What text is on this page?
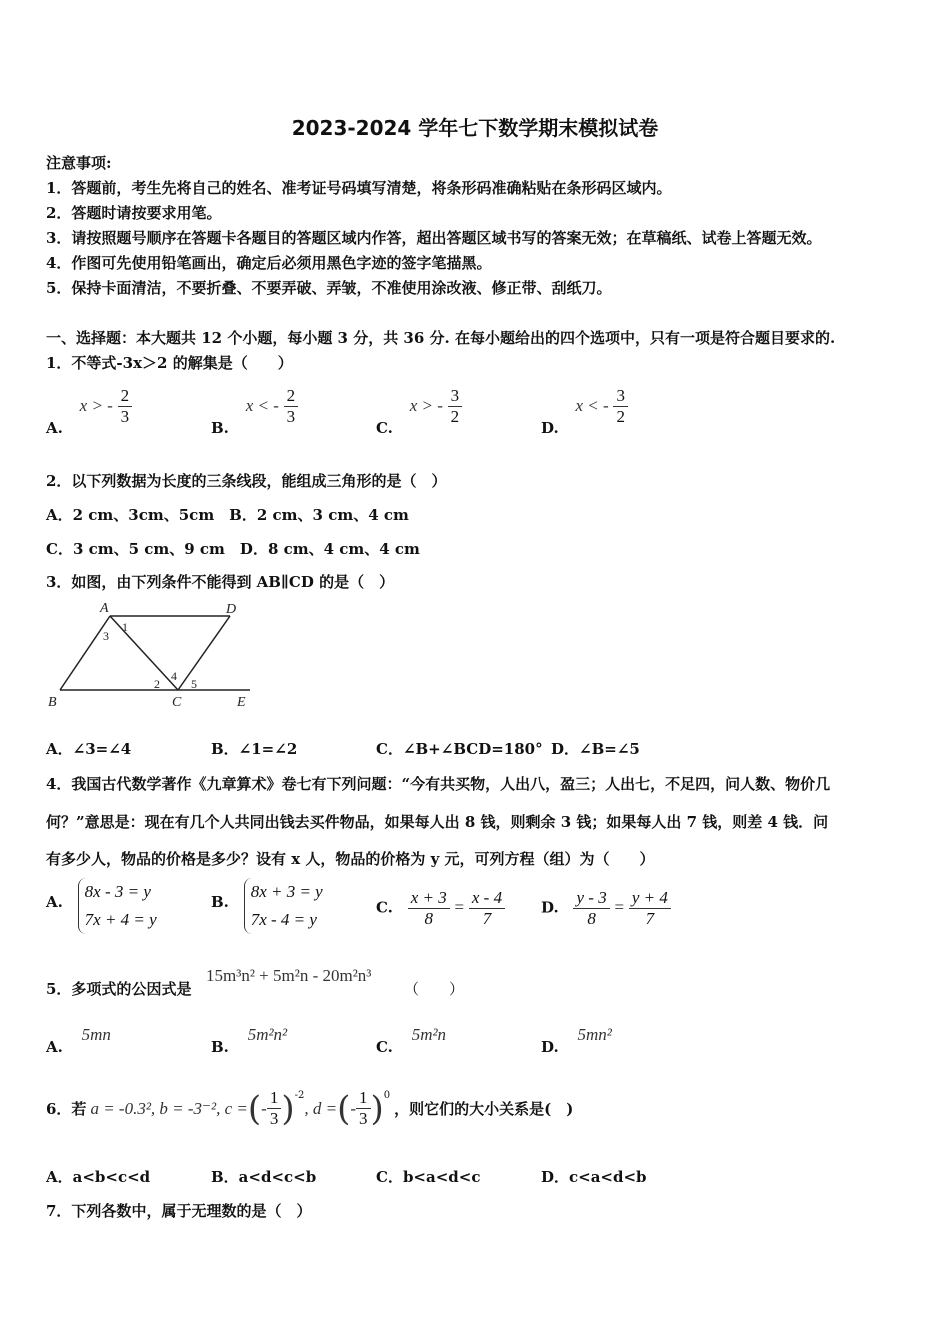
2023-2024 学年七下数学期末模拟试卷
注意事项:
1．答题前，考生先将自己的姓名、准考证号码填写清楚，将条形码准确粘贴在条形码区域内。
2．答题时请按要求用笔。
3．请按照题号顺序在答题卡各题目的答题区域内作答，超出答题区域书写的答案无效；在草稿纸、试卷上答题无效。
4．作图可先使用铅笔画出，确定后必须用黑色字迹的签字笔描黑。
5．保持卡面清洁，不要折叠、不要弄破、弄皱，不准使用涂改液、修正带、刮纸刀。
一、选择题：本大题共 12 个小题，每小题 3 分，共 36 分. 在每小题给出的四个选项中，只有一项是符合题目要求的.
1．不等式-3x＞2 的解集是（　　）
A. x > - $\frac{2}{3}$
B. x < - $\frac{2}{3}$
C. x > - $\frac{3}{2}$
D. x < - $\frac{3}{2}$
2．以下列数据为长度的三条线段，能组成三角形的是（　）
A．2 cm、3cm、5cm　B．2 cm、3 cm、4 cm
C．3 cm、5 cm、9 cm　D．8 cm、4 cm、4 cm
3．如图，由下列条件不能得到 AB∥CD 的是（　）
A	D
B	C	E
1
3
2
4
5
A．∠3=∠4	B．∠1=∠2	C．∠B+∠BCD=180° D．∠B=∠5
4．我国古代数学著作《九章算术》卷七有下列问题：“今有共买物，人出八，盈三；人出七，不足四，问人数、物价几
何？”意思是：现在有几个人共同出钱去买件物品，如果每人出 8 钱，则剩余 3 钱；如果每人出 7 钱，则差 4 钱．问
有多少人，物品的价格是多少？设有 x 人，物品的价格为 y 元，可列方程（组）为（　　）
A. 8x - 3 = y
7x + 4 = y
B. 8x + 3 = y
7x - 4 = y
C. $\frac{x + 3}{8} = \frac{x - 4}{7} D$. $\frac{y - 3}{8} = \frac{y + 4}{7}$
5．多项式的公因式是
15m³n² + 5m²n - 20m²n³
（　　）
A. 5mn
B. 5m²n²
C. 5m²n
D. 5mn²
6．若 a = -0.3², b = -3⁻², c = ( - $\frac{1}{3} )^{-2}$
, d = ( - $\frac{1}{3} )^0$
，则它们的大小关系是(　)
A．a<b<c<d	B．a<d<c<b	C．b<a<d<c	D．c<a<d<b
7．下列各数中，属于无理数的是（　）
